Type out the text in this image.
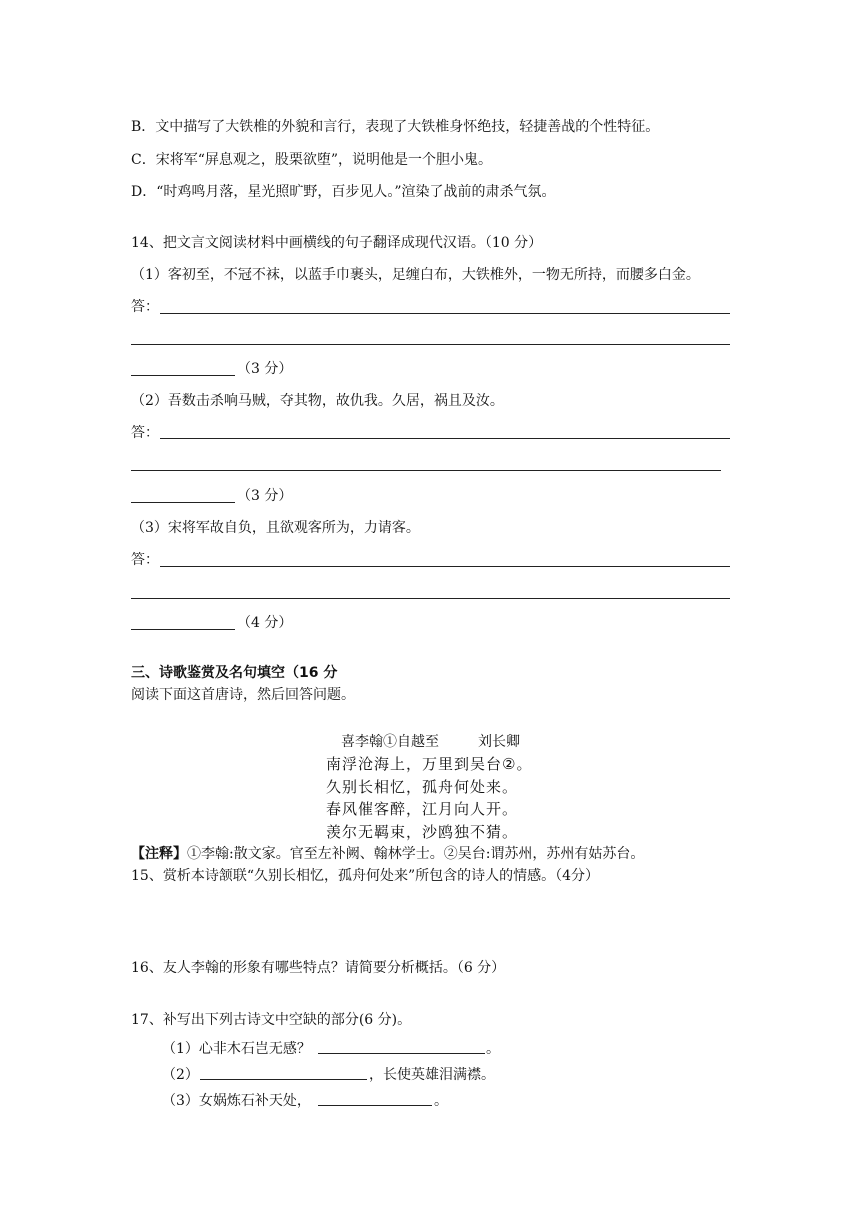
B．文中描写了大铁椎的外貌和言行，表现了大铁椎身怀绝技，轻捷善战的个性特征。
C．宋将军“屏息观之，股栗欲堕”，说明他是一个胆小鬼。
D．“时鸡鸣月落，星光照旷野，百步见人。”渲染了战前的肃杀气氛。
14、把文言文阅读材料中画横线的句子翻译成现代汉语。（10 分）
（1）客初至，不冠不袜，以蓝手巾裹头，足缠白布，大铁椎外，一物无所持，而腰多白金。
答：
（3 分）
（2）吾数击杀响马贼，夺其物，故仇我。久居，祸且及汝。
答：
（3 分）
（3）宋将军故自负，且欲观客所为，力请客。
答：
（4 分）
三、诗歌鉴赏及名句填空（16 分
阅读下面这首唐诗，然后回答问题。
喜李翰①自越至	刘长卿
南浮沧海上，万里到吴台②。
久别长相忆，孤舟何处来。
春风催客醉，江月向人开。
羡尔无羁束，沙鸥独不猜。
【注释】①李翰:散文家。官至左补阙、翰林学士。②吴台:谓苏州，苏州有姑苏台。
15、赏析本诗颔联“久别长相忆，孤舟何处来”所包含的诗人的情感。（4分）
16、友人李翰的形象有哪些特点？请简要分析概括。（6 分）
17、补写出下列古诗文中空缺的部分(6 分)。
（1）心非木石岂无感？	。
（2）	，长使英雄泪满襟。
（3）女娲炼石补天处，	。
